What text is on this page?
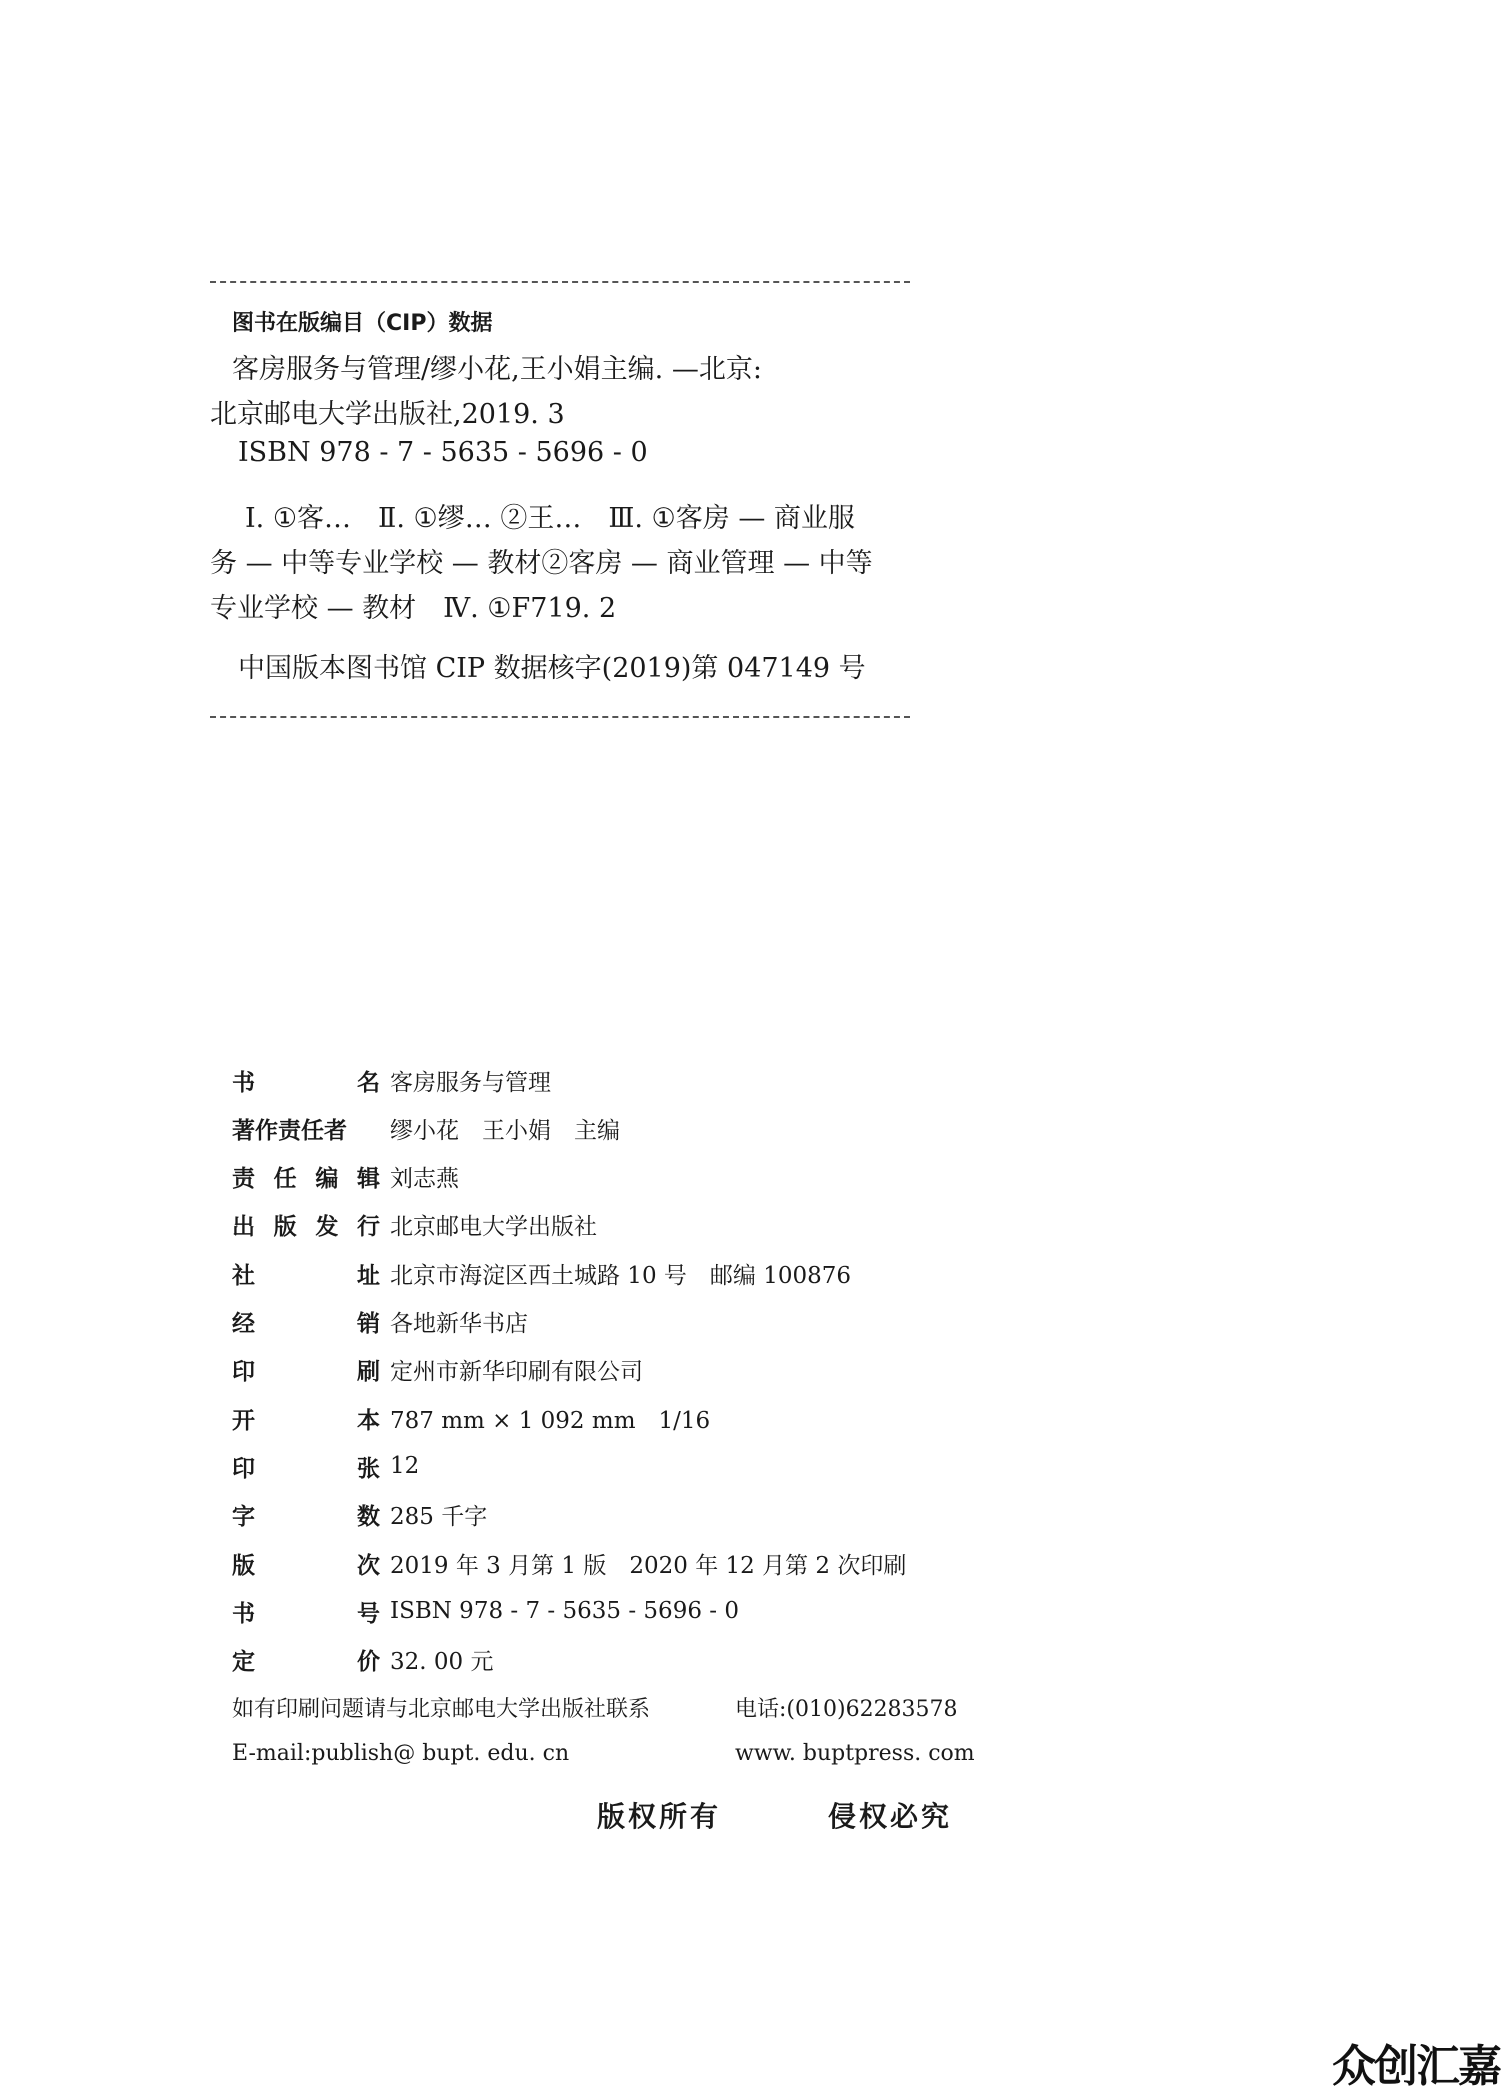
图书在版编目（CIP）数据
客房服务与管理/缪小花,王小娟主编. —北京:
北京邮电大学出版社,2019. 3
ISBN 978 - 7 - 5635 - 5696 - 0
Ⅰ. ①客…　Ⅱ. ①缪… ②王…　Ⅲ. ①客房 — 商业服
务 — 中等专业学校 — 教材②客房 — 商业管理 — 中等
专业学校 — 教材　Ⅳ. ①F719. 2
中国版本图书馆 CIP 数据核字(2019)第 047149 号
书	名 客房服务与管理
著作责任者 缪小花　王小娟　主编
责 任 编 辑 刘志燕
出 版 发 行 北京邮电大学出版社
社	址 北京市海淀区西土城路 10 号　邮编 100876
经	销 各地新华书店
印	刷 定州市新华印刷有限公司
开	本 787 mm × 1 092 mm　1/16
印	张 12
字	数 285 千字
版	次 2019 年 3 月第 1 版　2020 年 12 月第 2 次印刷
书	号 ISBN 978 - 7 - 5635 - 5696 - 0
定	价 32. 00 元
如有印刷问题请与北京邮电大学出版社联系	电话:(010)62283578
E-mail:publish@ bupt. edu. cn	www. buptpress. com
版权所有	侵权必究
众创汇嘉
